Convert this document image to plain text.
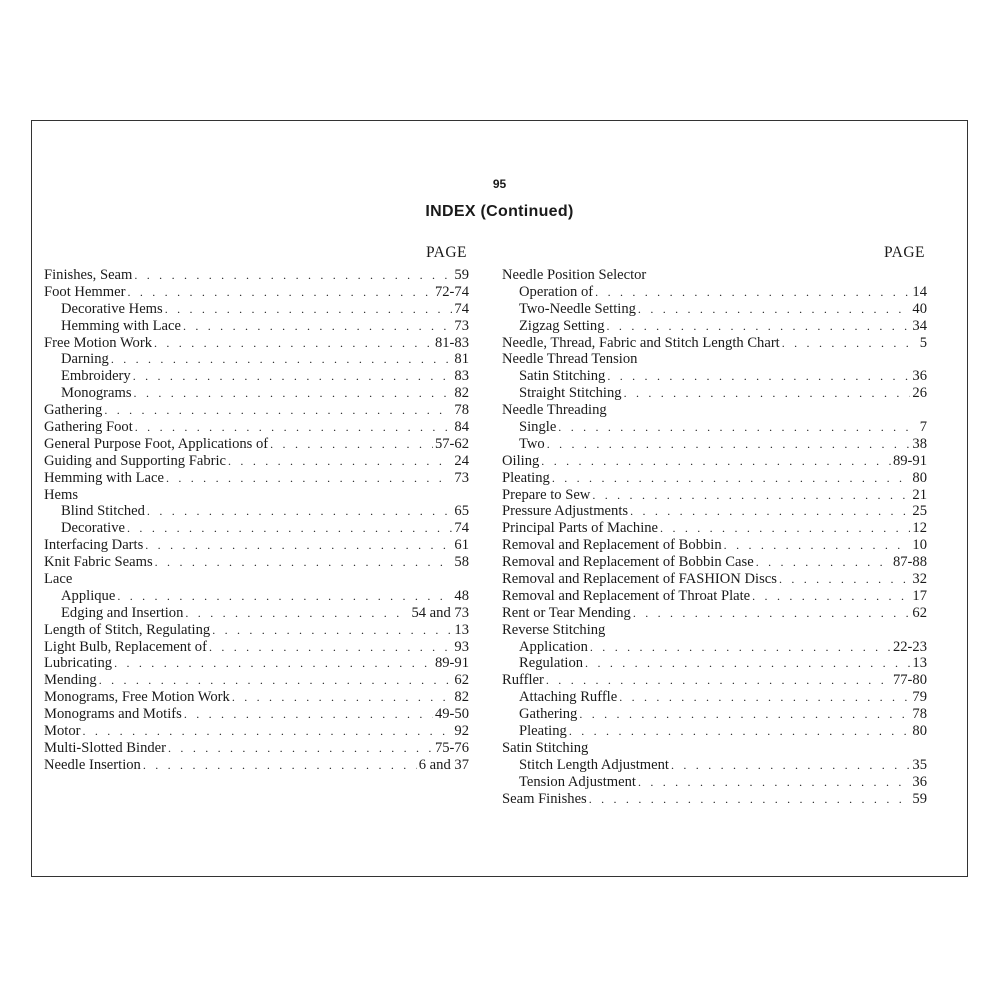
95
INDEX (Continued)
PAGE
Finishes, Seam . . .	59
Foot Hemmer . . .	72-74
Decorative Hems . . .	74
Hemming with Lace . . .	73
Free Motion Work . . .	81-83
Darning . . .	81
Embroidery . . .	83
Monograms . . .	82
Gathering . . .	78
Gathering Foot . . .	84
General Purpose Foot, Applications of . . .	57-62
Guiding and Supporting Fabric . . .	24
Hemming with Lace . . .	73
Hems
Blind Stitched . . .	65
Decorative . . .	74
Interfacing Darts . . .	61
Knit Fabric Seams . . .	58
Lace
Applique . . .	48
Edging and Insertion . . .	54 and 73
Length of Stitch, Regulating . . .	13
Light Bulb, Replacement of . . .	93
Lubricating . . .	89-91
Mending . . .	62
Monograms, Free Motion Work . . .	82
Monograms and Motifs . . .	49-50
Motor . . .	92
Multi-Slotted Binder . . .	75-76
Needle Insertion . . .	6 and 37
PAGE
Needle Position Selector
Operation of . . .	14
Two-Needle Setting . . .	40
Zigzag Setting . . .	34
Needle, Thread, Fabric and Stitch Length Chart . . .	5
Needle Thread Tension
Satin Stitching . . .	36
Straight Stitching . . .	26
Needle Threading
Single . . .	7
Two . . .	38
Oiling . . .	89-91
Pleating . . .	80
Prepare to Sew . . .	21
Pressure Adjustments . . .	25
Principal Parts of Machine . . .	12
Removal and Replacement of Bobbin . . .	10
Removal and Replacement of Bobbin Case . . .	87-88
Removal and Replacement of FASHION Discs . . .	32
Removal and Replacement of Throat Plate . . .	17
Rent or Tear Mending . . .	62
Reverse Stitching
Application . . .	22-23
Regulation . . .	13
Ruffler . . .	77-80
Attaching Ruffle . . .	79
Gathering . . .	78
Pleating . . .	80
Satin Stitching
Stitch Length Adjustment . . .	35
Tension Adjustment . . .	36
Seam Finishes . . .	59
